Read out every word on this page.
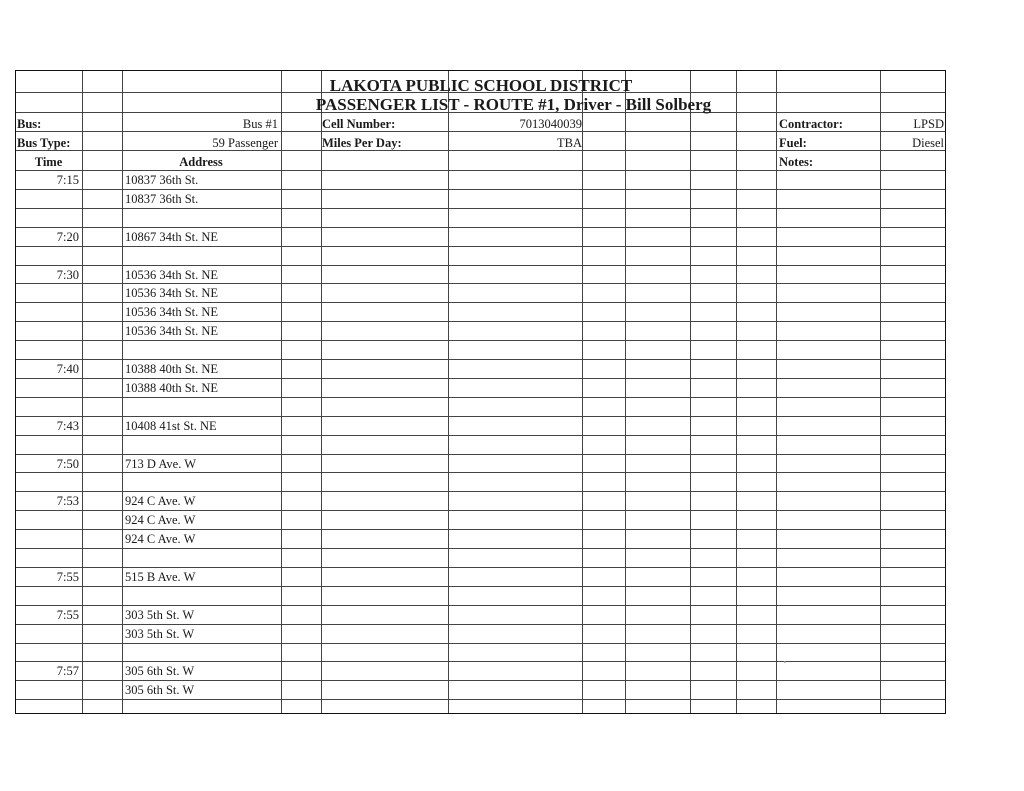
LAKOTA PUBLIC SCHOOL DISTRICT
PASSENGER LIST - ROUTE #1, Driver - Bill Solberg
Bus:	Bus #1
Bus Type:	59 Passenger
Cell Number:	7013040039
Miles Per Day:	TBA
Contractor:	LPSD
Fuel:	Diesel
Notes:
Time	Address
7:15	10837 36th St.
10837 36th St.
7:20	10867 34th St. NE
7:30	10536 34th St. NE
10536 34th St. NE
10536 34th St. NE
10536 34th St. NE
7:40	10388 40th St. NE
10388 40th St. NE
7:43	10408 41st St. NE
7:50	713 D Ave. W
7:53	924 C Ave. W
924 C Ave. W
924 C Ave. W
7:55	515 B Ave. W
7:55	303 5th St. W
303 5th St. W
7:57	305 6th St. W
305 6th St. W
